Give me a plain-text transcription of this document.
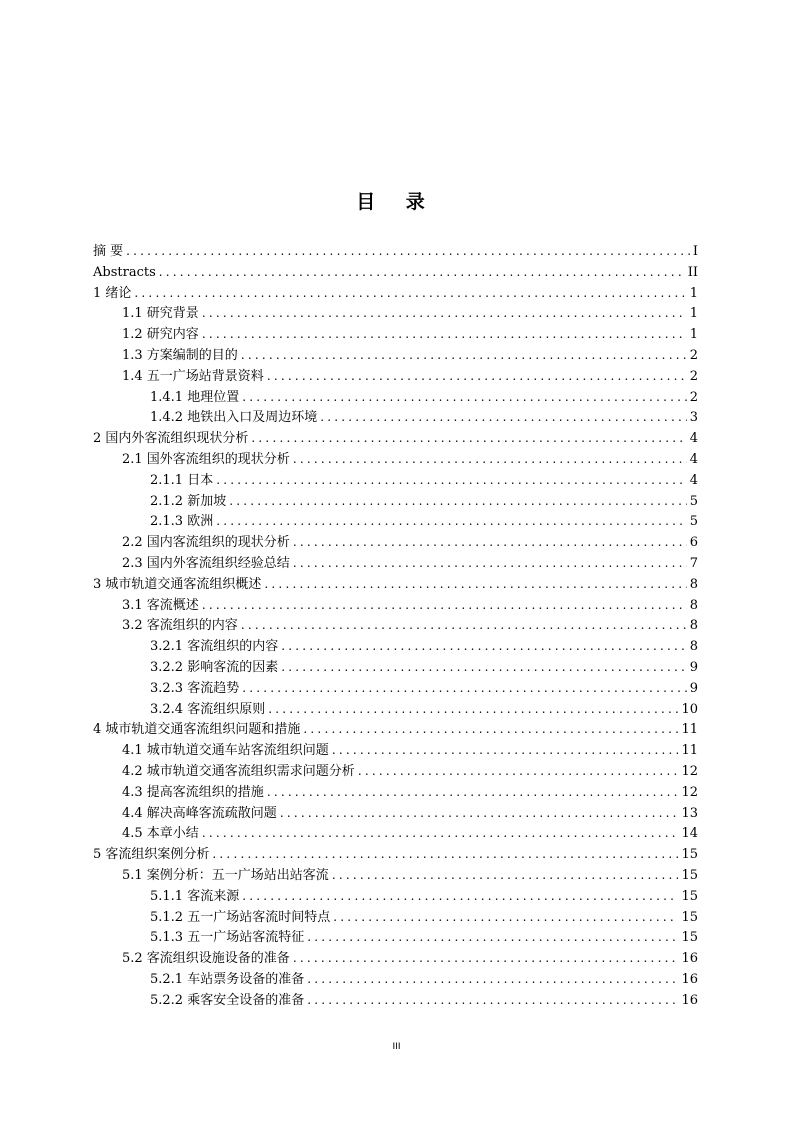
目 录
摘 要 .....	I
Abstracts .....	II
1 绪论 .....	1
1.1 研究背景 .....	1
1.2 研究内容 .....	1
1.3 方案编制的目的 .....	2
1.4 五一广场站背景资料 .....	2
1.4.1 地理位置 .....	2
1.4.2 地铁出入口及周边环境 .....	3
2 国内外客流组织现状分析 .....	4
2.1 国外客流组织的现状分析 .....	4
2.1.1 日本 .....	4
2.1.2 新加坡 .....	5
2.1.3 欧洲 .....	5
2.2 国内客流组织的现状分析 .....	6
2.3 国内外客流组织经验总结 .....	7
3 城市轨道交通客流组织概述 .....	8
3.1 客流概述 .....	8
3.2 客流组织的内容 .....	8
3.2.1 客流组织的内容 .....	8
3.2.2 影响客流的因素 .....	9
3.2.3 客流趋势 .....	9
3.2.4 客流组织原则 .....	10
4 城市轨道交通客流组织问题和措施 .....	11
4.1 城市轨道交通车站客流组织问题 .....	11
4.2 城市轨道交通客流组织需求问题分析 .....	12
4.3 提高客流组织的措施 .....	12
4.4 解决高峰客流疏散问题 .....	13
4.5 本章小结 .....	14
5 客流组织案例分析 .....	15
5.1 案例分析：五一广场站出站客流 .....	15
5.1.1 客流来源 .....	15
5.1.2 五一广场站客流时间特点 .....	15
5.1.3 五一广场站客流特征 .....	15
5.2 客流组织设施设备的准备 .....	16
5.2.1 车站票务设备的准备 .....	16
5.2.2 乘客安全设备的准备 .....	16
III
